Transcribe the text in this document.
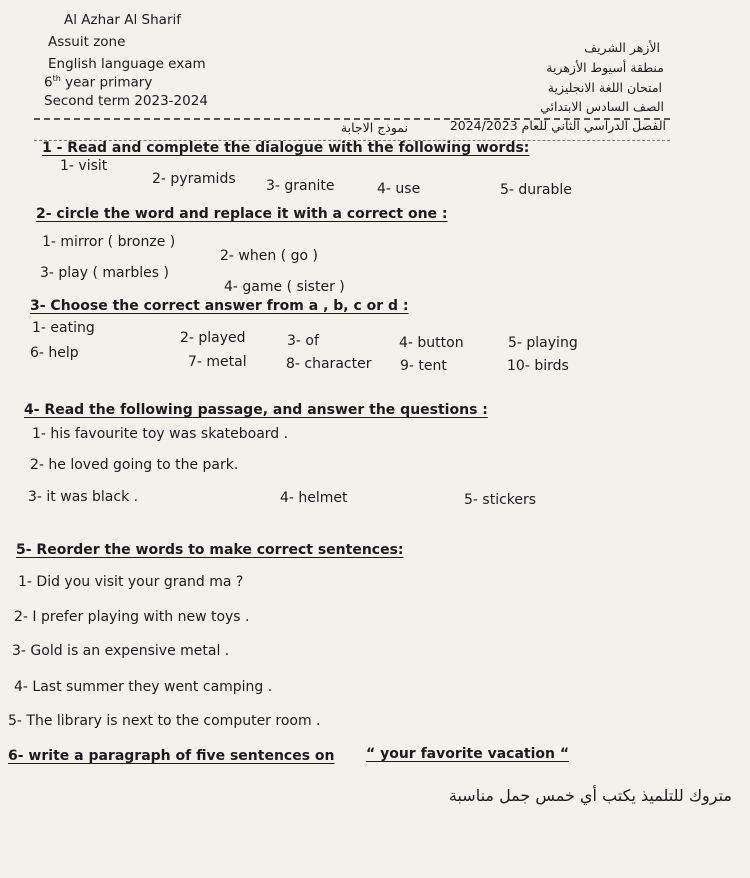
Al Azhar Al Sharif
Assuit zone
English language exam
6th year primary
Second term 2023-2024
الأزهر الشريف
منطقة أسيوط الأزهرية
امتحان اللغة الانجليزية
الصف السادس الابتدائي
الفصل الدراسي الثاني للعام 2024/2023
نموذج الاجابة
1 - Read and complete the dialogue with the following words:
1- visit
2- pyramids 3- granite	4- use	5- durable
2- circle the word and replace it with a correct one :
1- mirror ( bronze )
2- when ( go )
3- play ( marbles )
4- game ( sister )
3- Choose the correct answer from a , b, c or d :
1- eating
2- played	3- of	4- button	5- playing
6- help
7- metal	8- character 9- tent	10- birds
4- Read the following passage, and answer the questions :
1- his favourite toy was skateboard .
2- he loved going to the park.
3- it was black .	4- helmet	5- stickers
5- Reorder the words to make correct sentences:
1- Did you visit your grand ma ?
2- I prefer playing with new toys .
3- Gold is an expensive metal .
4- Last summer they went camping .
5- The library is next to the computer room .
6- write a paragraph of five sentences on “ your favorite vacation “
متروك للتلميذ يكتب أي خمس جمل مناسبة
